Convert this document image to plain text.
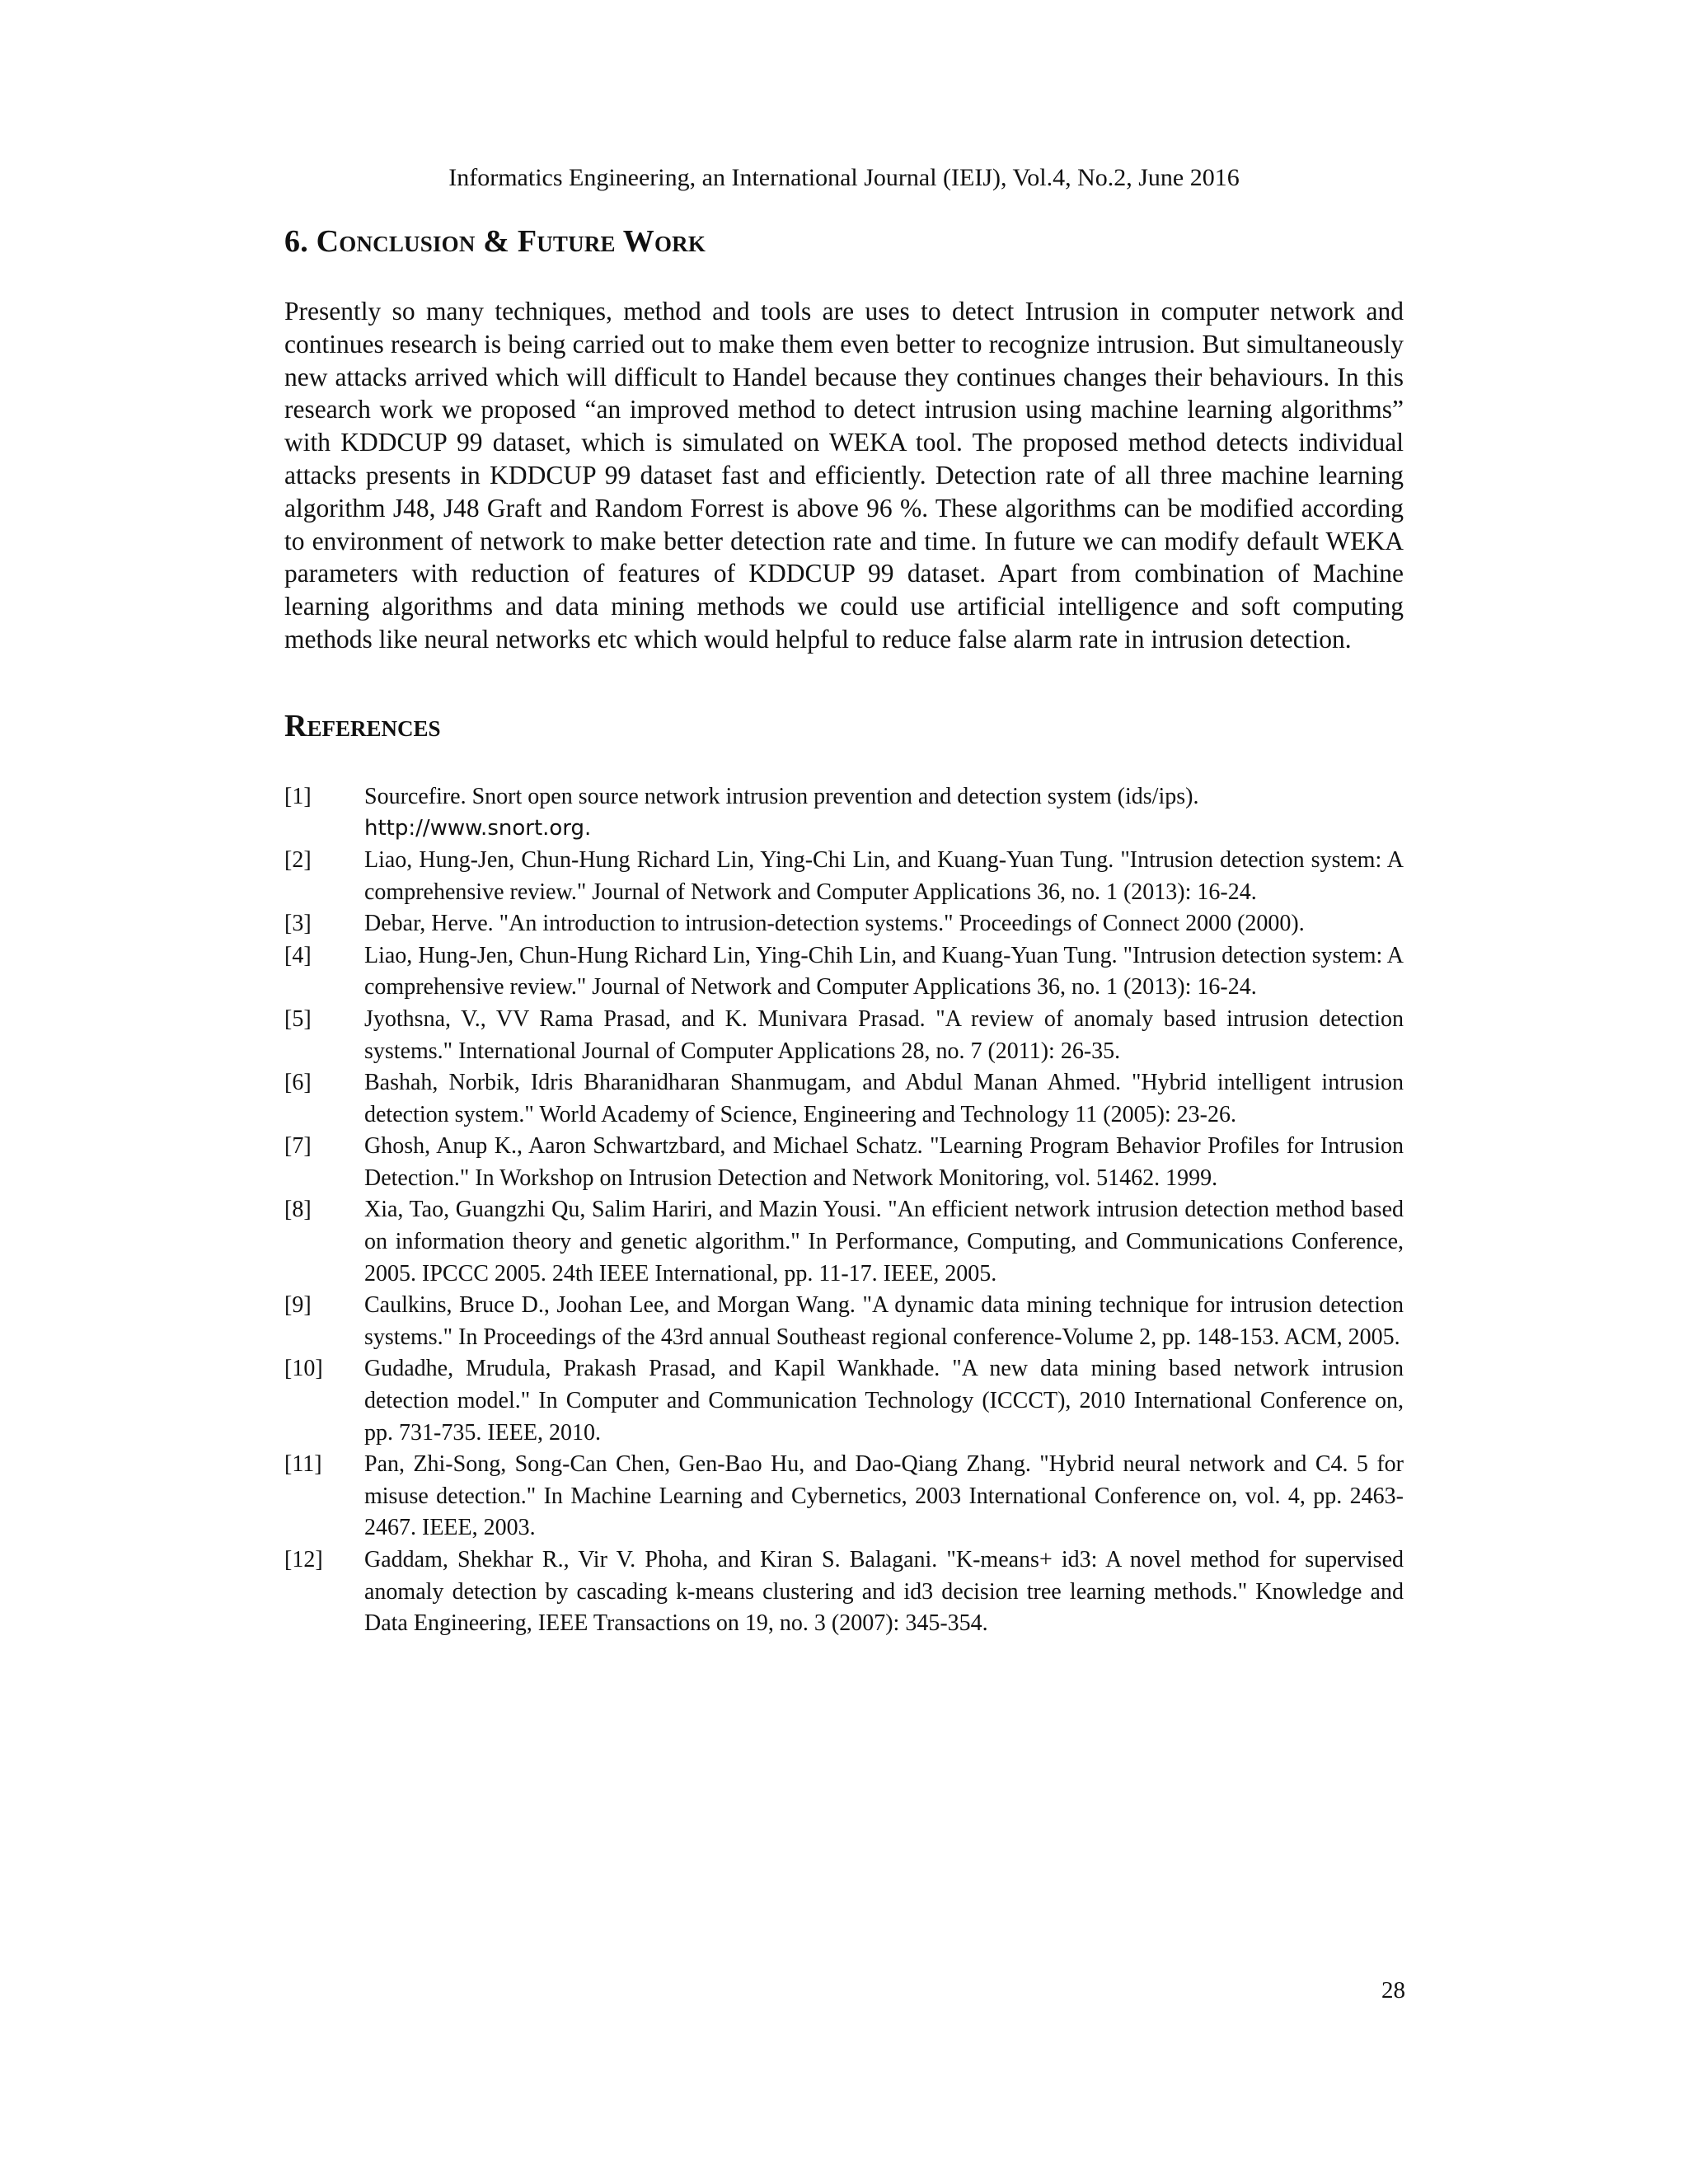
Informatics Engineering, an International Journal (IEIJ), Vol.4, No.2, June 2016
6. Conclusion & Future Work

Presently so many techniques, method and tools are uses to detect Intrusion in computer network and continues research is being carried out to make them even better to recognize intrusion. But simultaneously new attacks arrived which will difficult to Handel because they continues changes their behaviours. In this research work we proposed “an improved method to detect intrusion using machine learning algorithms” with KDDCUP 99 dataset, which is simulated on WEKA tool. The proposed method detects individual attacks presents in KDDCUP 99 dataset fast and efficiently. Detection rate of all three machine learning algorithm J48, J48 Graft and Random Forrest is above 96 %. These algorithms can be modified according to environment of network to make better detection rate and time. In future we can modify default WEKA parameters with reduction of features of KDDCUP 99 dataset. Apart from combination of Machine learning algorithms and data mining methods we could use artificial intelligence and soft computing methods like neural networks etc which would helpful to reduce false alarm rate in intrusion detection.

References
[1]	Sourcefire. Snort open source network intrusion prevention and detection system (ids/ips).
http://www.snort.org.
[2]	Liao, Hung-Jen, Chun-Hung Richard Lin, Ying-Chi Lin, and Kuang-Yuan Tung. "Intrusion detection system: A comprehensive review." Journal of Network and Computer Applications 36, no. 1 (2013): 16-24.
[3]	Debar, Herve. "An introduction to intrusion-detection systems." Proceedings of Connect 2000 (2000).
[4]	Liao, Hung-Jen, Chun-Hung Richard Lin, Ying-Chih Lin, and Kuang-Yuan Tung. "Intrusion detection system: A comprehensive review." Journal of Network and Computer Applications 36, no. 1 (2013): 16-24.
[5]	Jyothsna, V., VV Rama Prasad, and K. Munivara Prasad. "A review of anomaly based intrusion detection systems." International Journal of Computer Applications 28, no. 7 (2011): 26-35.
[6]	Bashah, Norbik, Idris Bharanidharan Shanmugam, and Abdul Manan Ahmed. "Hybrid intelligent intrusion detection system." World Academy of Science, Engineering and Technology 11 (2005): 23-26.
[7]	Ghosh, Anup K., Aaron Schwartzbard, and Michael Schatz. "Learning Program Behavior Profiles for Intrusion Detection." In Workshop on Intrusion Detection and Network Monitoring, vol. 51462. 1999.
[8]	Xia, Tao, Guangzhi Qu, Salim Hariri, and Mazin Yousi. "An efficient network intrusion detection method based on information theory and genetic algorithm." In Performance, Computing, and Communications Conference, 2005. IPCCC 2005. 24th IEEE International, pp. 11-17. IEEE, 2005.
[9]	Caulkins, Bruce D., Joohan Lee, and Morgan Wang. "A dynamic data mining technique for intrusion detection systems." In Proceedings of the 43rd annual Southeast regional conference-Volume 2, pp. 148-153. ACM, 2005.
[10]	Gudadhe, Mrudula, Prakash Prasad, and Kapil Wankhade. "A new data mining based network intrusion detection model." In Computer and Communication Technology (ICCCT), 2010 International Conference on, pp. 731-735. IEEE, 2010.
[11]	Pan, Zhi-Song, Song-Can Chen, Gen-Bao Hu, and Dao-Qiang Zhang. "Hybrid neural network and C4. 5 for misuse detection." In Machine Learning and Cybernetics, 2003 International Conference on, vol. 4, pp. 2463-2467. IEEE, 2003.
[12]	Gaddam, Shekhar R., Vir V. Phoha, and Kiran S. Balagani. "K-means+ id3: A novel method for supervised anomaly detection by cascading k-means clustering and id3 decision tree learning methods." Knowledge and Data Engineering, IEEE Transactions on 19, no. 3 (2007): 345-354.
28
